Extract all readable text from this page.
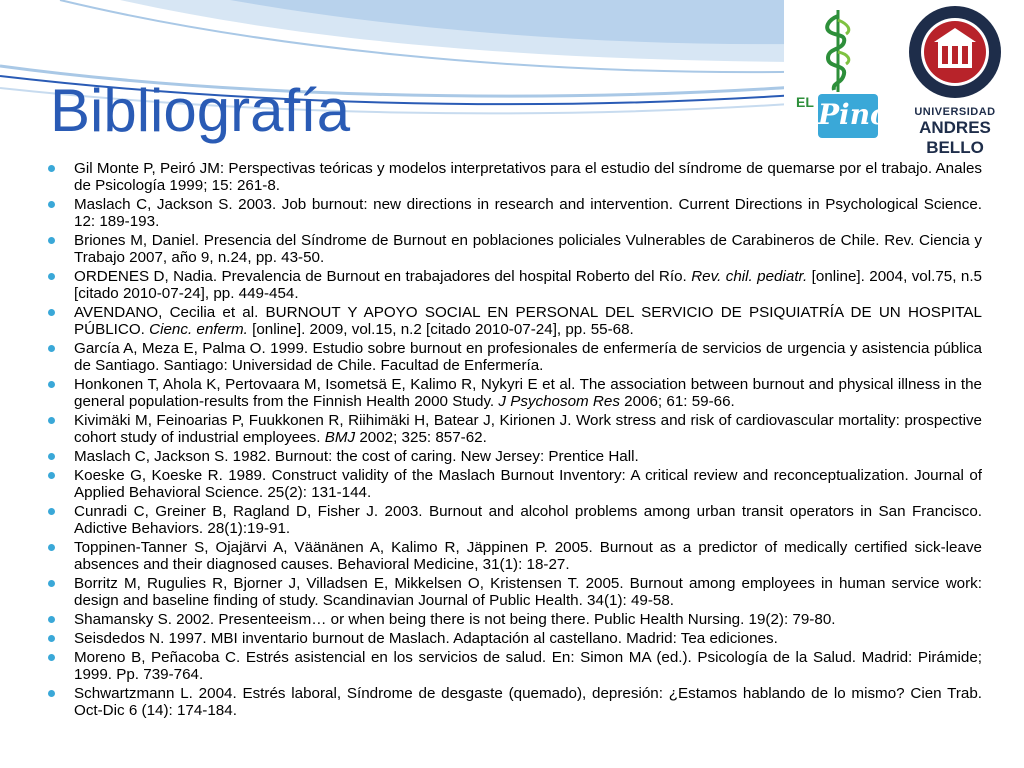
Bibliografía	EL Pino	UNIVERSIDAD
ANDRES BELLO
Gil Monte P, Peiró JM: Perspectivas teóricas y modelos interpretativos para el estudio del síndrome de quemarse por el trabajo. Anales de Psicología 1999; 15: 261-8.
Maslach C, Jackson S. 2003. Job burnout: new directions in research and intervention. Current Directions in Psychological Science. 12: 189-193.
Briones M, Daniel. Presencia del Síndrome de Burnout en poblaciones policiales Vulnerables de Carabineros de Chile. Rev. Ciencia y Trabajo 2007, año 9, n.24, pp. 43-50.
ORDENES D, Nadia. Prevalencia de Burnout en trabajadores del hospital Roberto del Río. Rev. chil. pediatr. [online]. 2004, vol.75, n.5 [citado 2010-07-24], pp. 449-454.
AVENDANO, Cecilia et al. BURNOUT Y APOYO SOCIAL EN PERSONAL DEL SERVICIO DE PSIQUIATRÍA DE UN HOSPITAL PÚBLICO. Cienc. enferm. [online]. 2009, vol.15, n.2 [citado 2010-07-24], pp. 55-68.
García A, Meza E, Palma O. 1999. Estudio sobre burnout en profesionales de enfermería de servicios de urgencia y asistencia pública de Santiago. Santiago: Universidad de Chile. Facultad de Enfermería.
Honkonen T, Ahola K, Pertovaara M, Isometsä E, Kalimo R, Nykyri E et al. The association between burnout and physical illness in the general population-results from the Finnish Health 2000 Study. J Psychosom Res 2006; 61: 59-66.
Kivimäki M, Feinoarias P, Fuukkonen R, Riihimäki H, Batear J, Kirionen J. Work stress and risk of cardiovascular mortality: prospective cohort study of industrial employees. BMJ 2002; 325: 857-62.
Maslach C, Jackson S. 1982. Burnout: the cost of caring. New Jersey: Prentice Hall.
Koeske G, Koeske R. 1989. Construct validity of the Maslach Burnout Inventory: A critical review and reconceptualization. Journal of Applied Behavioral Science. 25(2): 131-144.
Cunradi C, Greiner B, Ragland D, Fisher J. 2003. Burnout and alcohol problems among urban transit operators in San Francisco. Adictive Behaviors. 28(1):19-91.
Toppinen-Tanner S, Ojajärvi A, Väänänen A, Kalimo R, Jäppinen P. 2005. Burnout as a predictor of medically certified sick-leave absences and their diagnosed causes. Behavioral Medicine, 31(1): 18-27.
Borritz M, Rugulies R, Bjorner J, Villadsen E, Mikkelsen O, Kristensen T. 2005. Burnout among employees in human service work: design and baseline finding of study. Scandinavian Journal of Public Health. 34(1): 49-58.
Shamansky S. 2002. Presenteeism… or when being there is not being there. Public Health Nursing. 19(2): 79-80.
Seisdedos N. 1997. MBI inventario burnout de Maslach. Adaptación al castellano. Madrid: Tea ediciones.
Moreno B, Peñacoba C. Estrés asistencial en los servicios de salud. En: Simon MA (ed.). Psicología de la Salud. Madrid: Pirámide; 1999. Pp. 739-764.
Schwartzmann L. 2004. Estrés laboral, Síndrome de desgaste (quemado), depresión: ¿Estamos hablando de lo mismo? Cien Trab. Oct-Dic 6 (14): 174-184.
